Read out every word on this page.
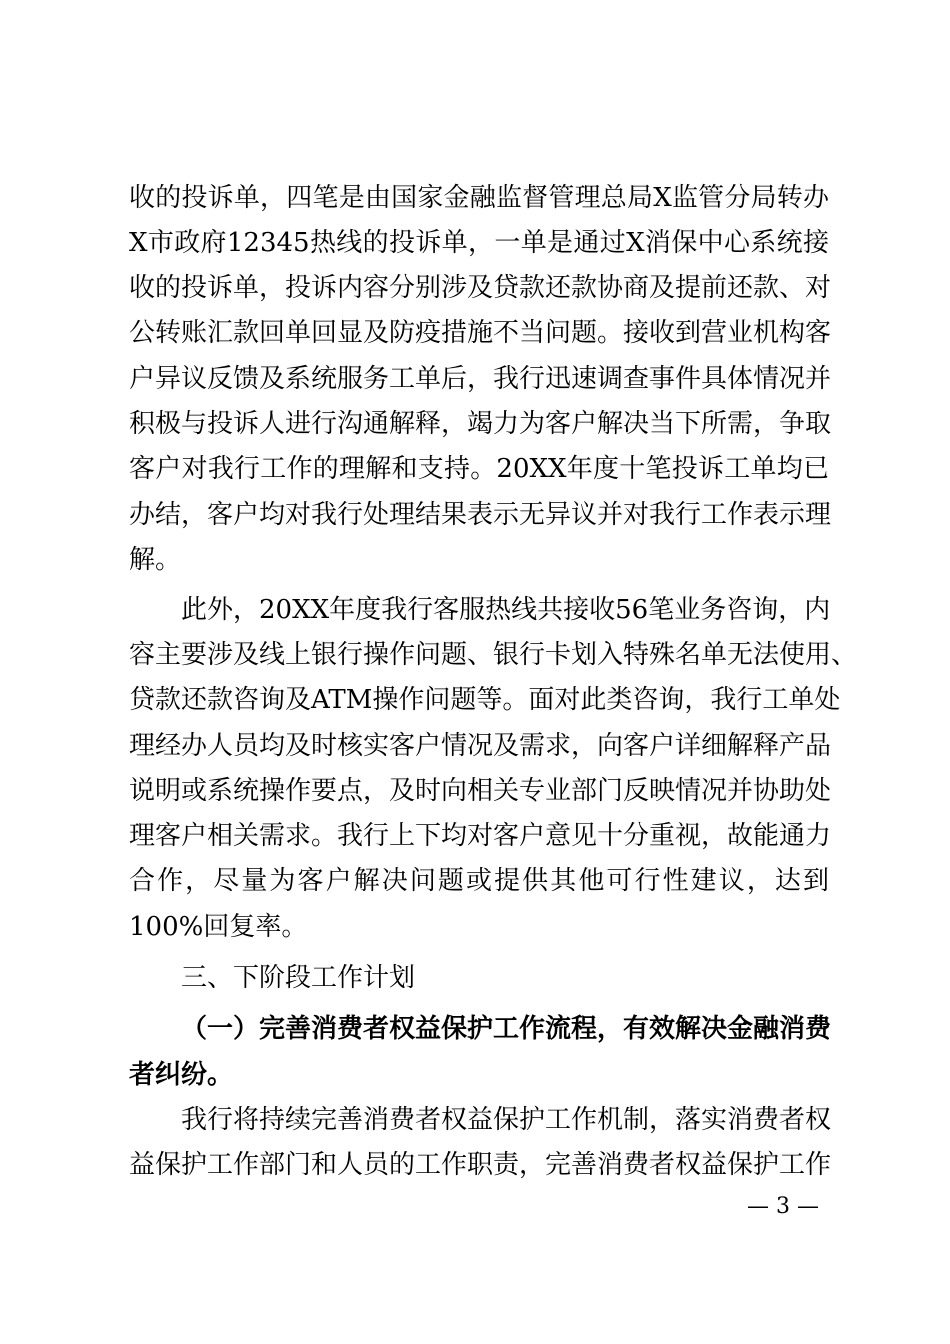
收的投诉单，四笔是由国家金融监督管理总局X监管分局转办
X市政府12345热线的投诉单，一单是通过X消保中心系统接
收的投诉单，投诉内容分别涉及贷款还款协商及提前还款、对
公转账汇款回单回显及防疫措施不当问题。接收到营业机构客
户异议反馈及系统服务工单后，我行迅速调查事件具体情况并
积极与投诉人进行沟通解释，竭力为客户解决当下所需，争取
客户对我行工作的理解和支持。20XX年度十笔投诉工单均已
办结，客户均对我行处理结果表示无异议并对我行工作表示理
解。
此外，20XX年度我行客服热线共接收56笔业务咨询，内
容主要涉及线上银行操作问题、银行卡划入特殊名单无法使用、
贷款还款咨询及ATM操作问题等。面对此类咨询，我行工单处
理经办人员均及时核实客户情况及需求，向客户详细解释产品
说明或系统操作要点，及时向相关专业部门反映情况并协助处
理客户相关需求。我行上下均对客户意见十分重视，故能通力
合作，尽量为客户解决问题或提供其他可行性建议，达到
100%回复率。
三、下阶段工作计划
（一）完善消费者权益保护工作流程，有效解决金融消费
者纠纷。
我行将持续完善消费者权益保护工作机制，落实消费者权
益保护工作部门和人员的工作职责，完善消费者权益保护工作
— 3 —
